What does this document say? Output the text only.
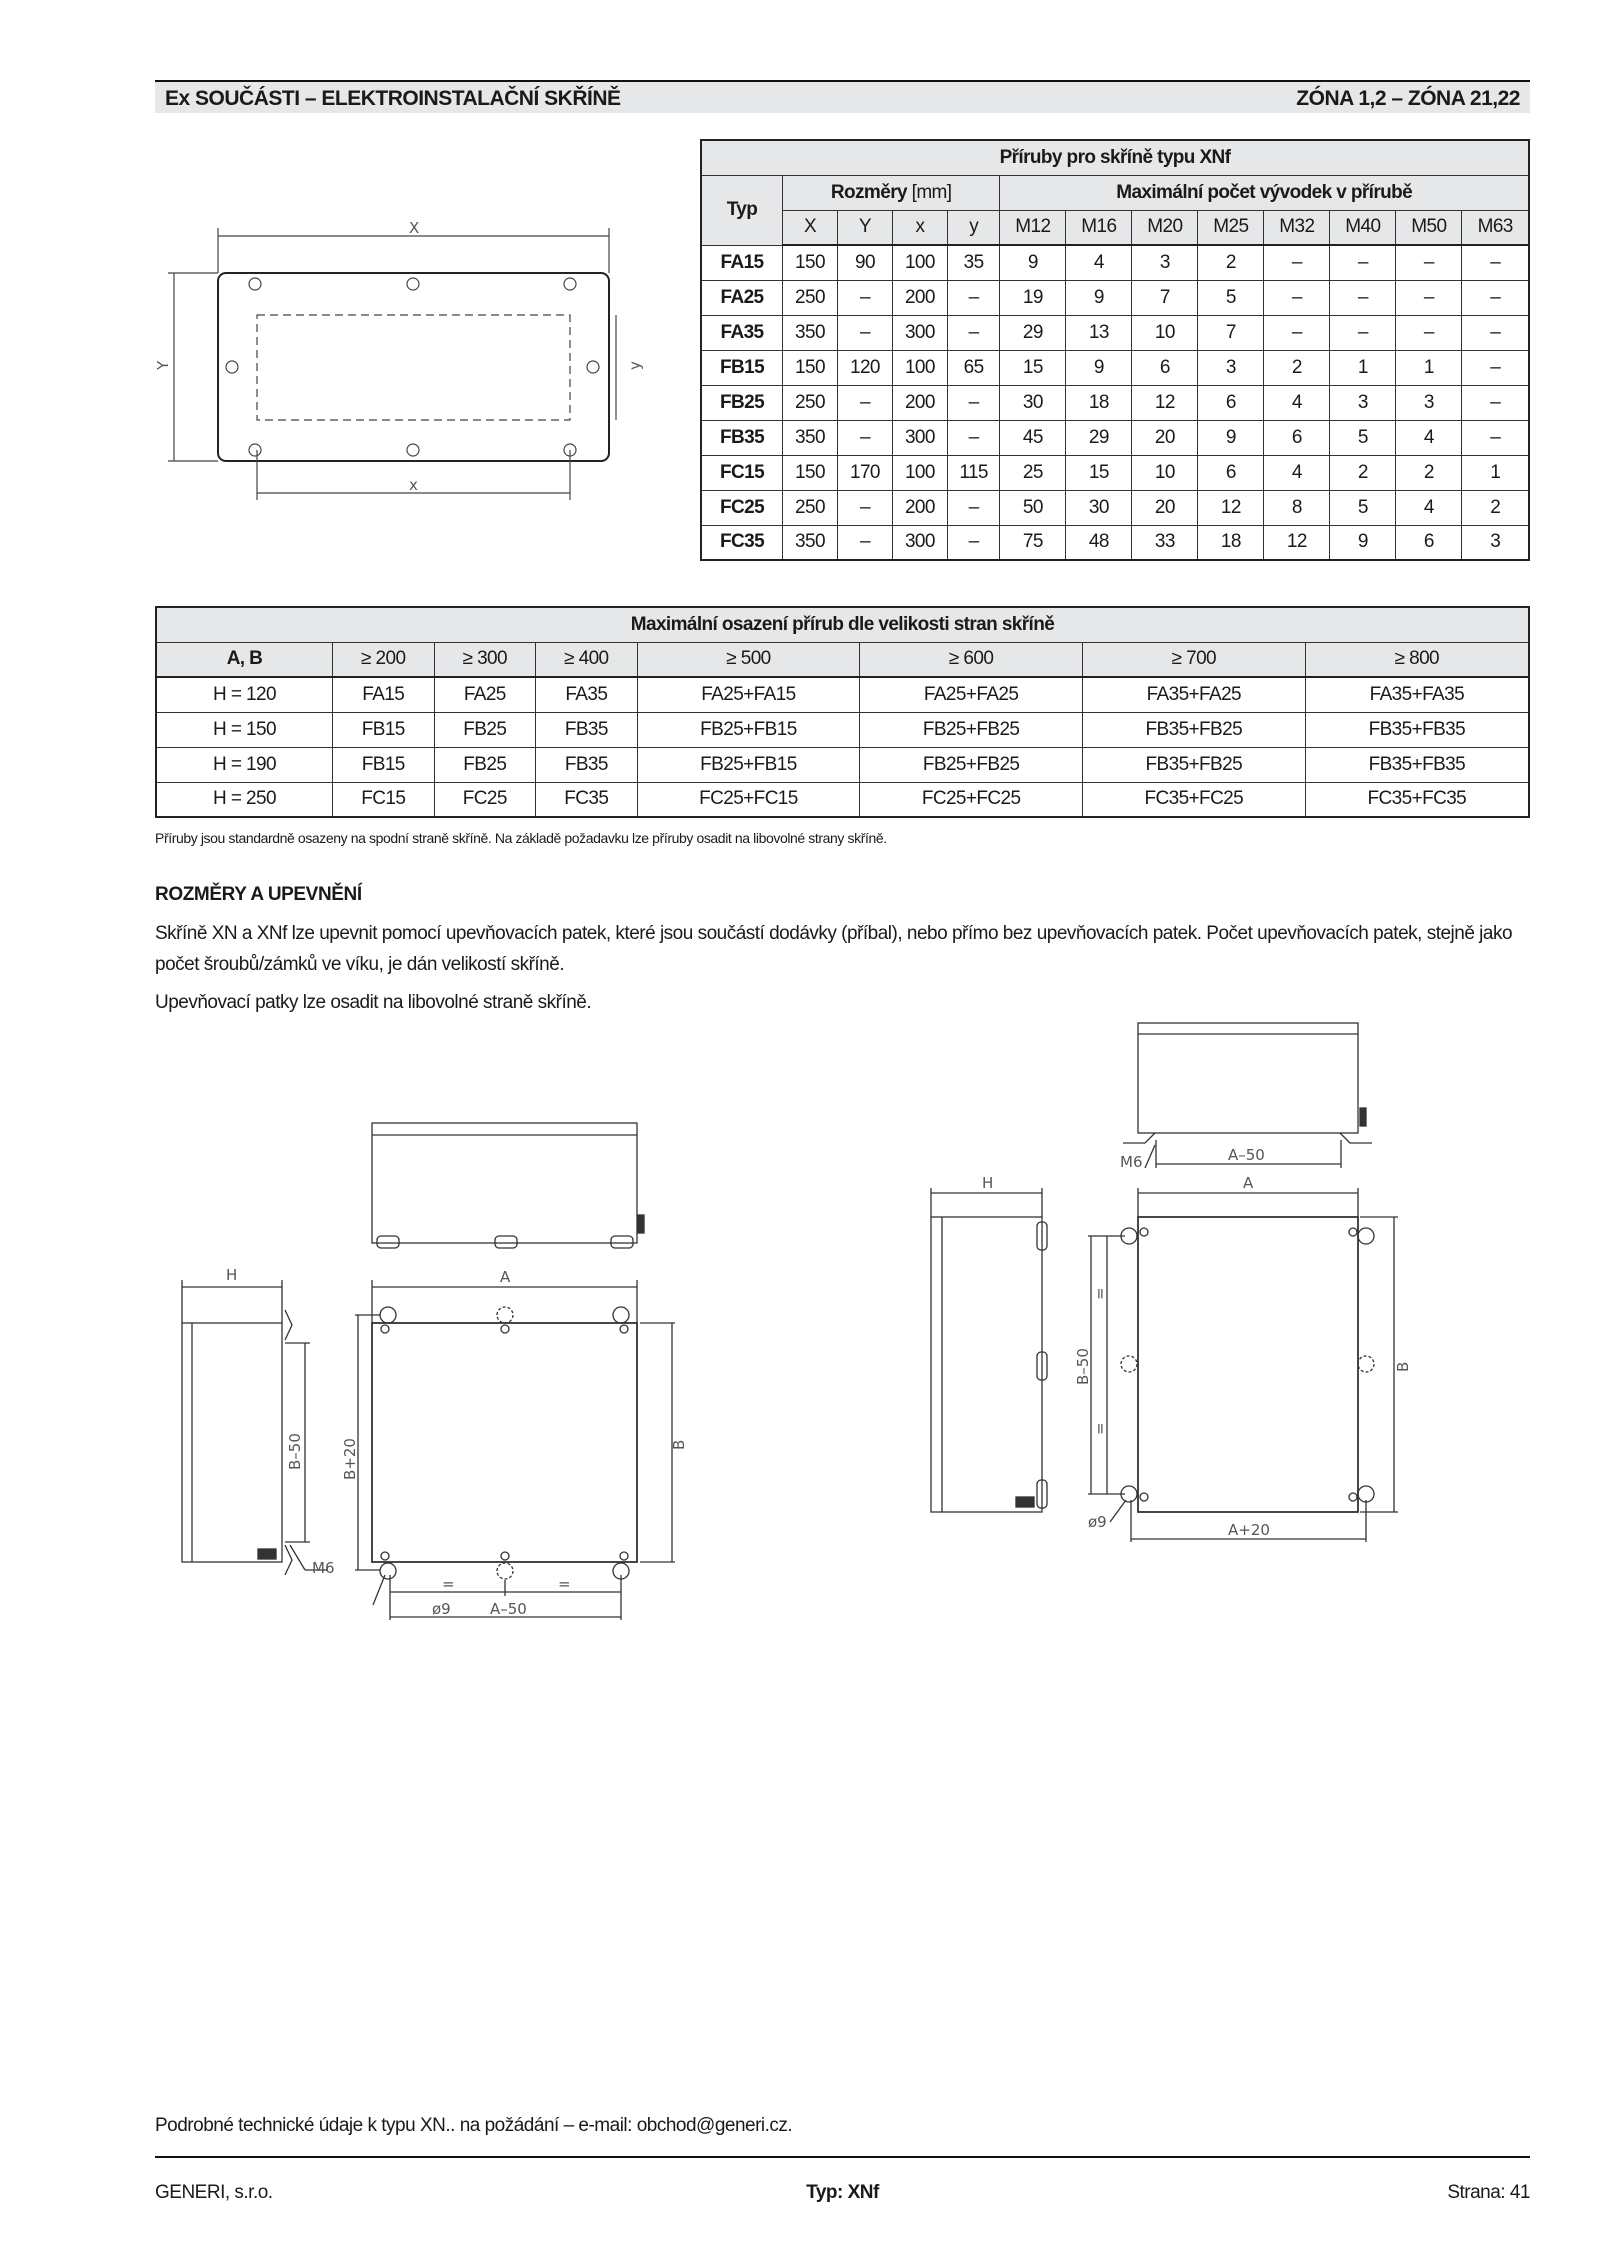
Ex SOUČÁSTI – ELEKTROINSTALAČNÍ SKŘÍNĚ	ZÓNA 1,2 – ZÓNA 21,22
X
Y
x
y
Příruby pro skříně typu XNf												
Typ	Rozměry [mm]				Maximální počet vývodek v přírubě							
	X	Y	x	y	M12	M16	M20	M25	M32	M40	M50	M63
FA15	150	90	100	35	9	4	3	2	–	–	–	–
FA25	250	–	200	–	19	9	7	5	–	–	–	–
FA35	350	–	300	–	29	13	10	7	–	–	–	–
FB15	150	120	100	65	15	9	6	3	2	1	1	–
FB25	250	–	200	–	30	18	12	6	4	3	3	–
FB35	350	–	300	–	45	29	20	9	6	5	4	–
FC15	150	170	100	115	25	15	10	6	4	2	2	1
FC25	250	–	200	–	50	30	20	12	8	5	4	2
FC35	350	–	300	–	75	48	33	18	12	9	6	3
Maximální osazení přírub dle velikosti stran skříně							
A, B	≥ 200	≥ 300	≥ 400	≥ 500	≥ 600	≥ 700	≥ 800
H = 120	FA15	FA25	FA35	FA25+FA15	FA25+FA25	FA35+FA25	FA35+FA35
H = 150	FB15	FB25	FB35	FB25+FB15	FB25+FB25	FB35+FB25	FB35+FB35
H = 190	FB15	FB25	FB35	FB25+FB15	FB25+FB25	FB35+FB25	FB35+FB35
H = 250	FC15	FC25	FC35	FC25+FC15	FC25+FC25	FC35+FC25	FC35+FC35
Příruby jsou standardně osazeny na spodní straně skříně. Na základě požadavku lze příruby osadit na libovolné strany skříně.
ROZMĚRY A UPEVNĚNÍ
Skříně XN a XNf lze upevnit pomocí upevňovacích patek, které jsou součástí dodávky (příbal), nebo přímo bez upevňovacích patek. Počet upevňovacích patek, stejně jako počet šroubů/zámků ve víku, je dán velikostí skříně.
Upevňovací patky lze osadit na libovolné straně skříně.
H
B–50
M6
A
B+20	B
=	=
ø9	A–50
M6	A–50
H	A
B–50
=
=
B
ø9	A+20
Podrobné technické údaje k typu XN.. na požádání – e-mail: obchod@generi.cz.
GENERI, s.r.o.	Typ: XNf	Strana: 41
